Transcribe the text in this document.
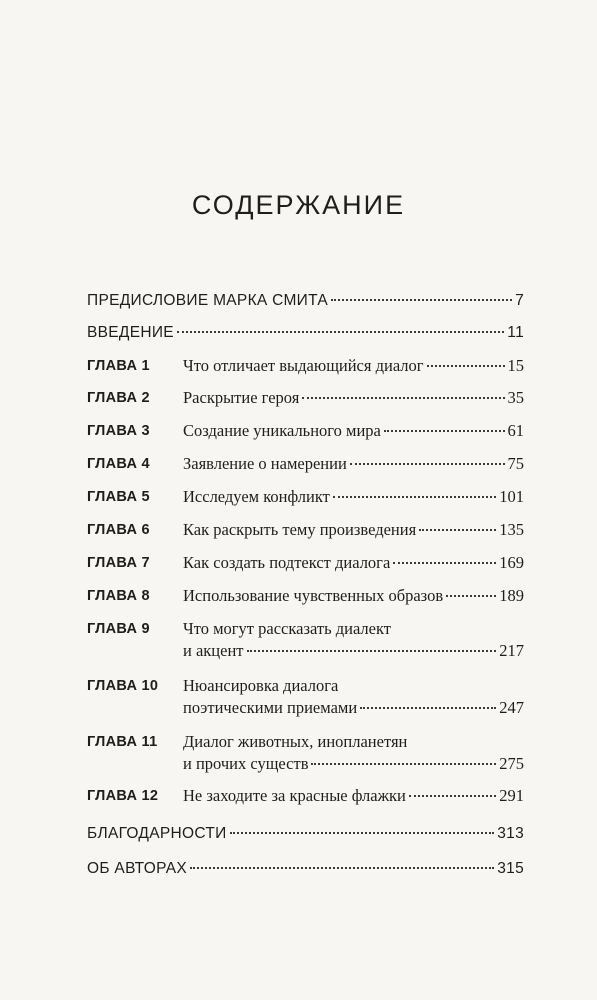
СОДЕРЖАНИЕ
ПРЕДИСЛОВИЕ МАРКА СМИТА	7
ВВЕДЕНИЕ	11
ГЛАВА 1 Что отличает выдающийся диалог	15
ГЛАВА 2 Раскрытие героя	35
ГЛАВА 3 Создание уникального мира	61
ГЛАВА 4 Заявление о намерении	75
ГЛАВА 5 Исследуем конфликт	101
ГЛАВА 6 Как раскрыть тему произведения	135
ГЛАВА 7 Как создать подтекст диалога	169
ГЛАВА 8 Использование чувственных образов	189
ГЛАВА 9 Что могут рассказать диалект
и акцент	217
ГЛАВА 10 Нюансировка диалога
поэтическими приемами	247
ГЛАВА 11 Диалог животных, инопланетян
и прочих существ	275
ГЛАВА 12 Не заходите за красные флажки	291
БЛАГОДАРНОСТИ	313
ОБ АВТОРАХ	315
